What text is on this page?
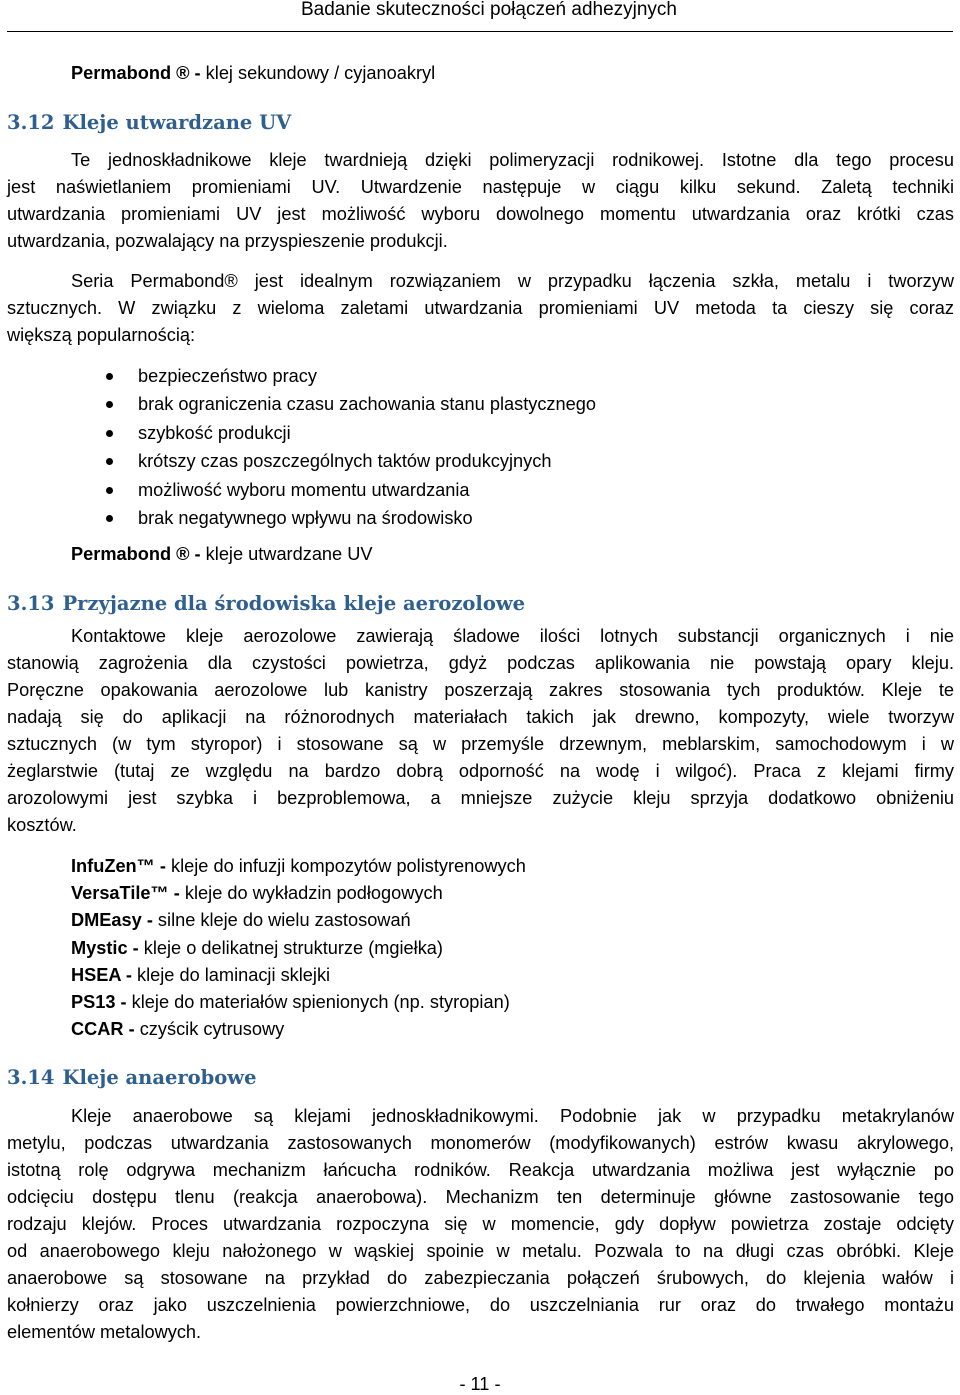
Badanie skuteczności połączeń adhezyjnych
Permabond ® - klej sekundowy / cyjanoakryl
3.12 Kleje utwardzane UV
Te jednoskładnikowe kleje twardnieją dzięki polimeryzacji rodnikowej. Istotne dla tego procesu
jest naświetlaniem promieniami UV. Utwardzenie następuje w ciągu kilku sekund. Zaletą techniki
utwardzania promieniami UV jest możliwość wyboru dowolnego momentu utwardzania oraz krótki czas
utwardzania, pozwalający na przyspieszenie produkcji.
Seria Permabond® jest idealnym rozwiązaniem w przypadku łączenia szkła, metalu i tworzyw
sztucznych. W związku z wieloma zaletami utwardzania promieniami UV metoda ta cieszy się coraz
większą popularnością:
bezpieczeństwo pracy
brak ograniczenia czasu zachowania stanu plastycznego
szybkość produkcji
krótszy czas poszczególnych taktów produkcyjnych
możliwość wyboru momentu utwardzania
brak negatywnego wpływu na środowisko
Permabond ® - kleje utwardzane UV
3.13 Przyjazne dla środowiska kleje aerozolowe
Kontaktowe kleje aerozolowe zawierają śladowe ilości lotnych substancji organicznych i nie
stanowią zagrożenia dla czystości powietrza, gdyż podczas aplikowania nie powstają opary kleju.
Poręczne opakowania aerozolowe lub kanistry poszerzają zakres stosowania tych produktów. Kleje te
nadają się do aplikacji na różnorodnych materiałach takich jak drewno, kompozyty, wiele tworzyw
sztucznych (w tym styropor) i stosowane są w przemyśle drzewnym, meblarskim, samochodowym i w
żeglarstwie (tutaj ze względu na bardzo dobrą odporność na wodę i wilgoć). Praca z klejami firmy
arozolowymi jest szybka i bezproblemowa, a mniejsze zużycie kleju sprzyja dodatkowo obniżeniu
kosztów.
InfuZen™ - kleje do infuzji kompozytów polistyrenowych
VersaTile™ - kleje do wykładzin podłogowych
DMEasy - silne kleje do wielu zastosowań
Mystic - kleje o delikatnej strukturze (mgiełka)
HSEA - kleje do laminacji sklejki
PS13 - kleje do materiałów spienionych (np. styropian)
CCAR - czyścik cytrusowy
3.14 Kleje anaerobowe
Kleje anaerobowe są klejami jednoskładnikowymi. Podobnie jak w przypadku metakrylanów
metylu, podczas utwardzania zastosowanych monomerów (modyfikowanych) estrów kwasu akrylowego,
istotną rolę odgrywa mechanizm łańcucha rodników. Reakcja utwardzania możliwa jest wyłącznie po
odcięciu dostępu tlenu (reakcja anaerobowa). Mechanizm ten determinuje główne zastosowanie tego
rodzaju klejów. Proces utwardzania rozpoczyna się w momencie, gdy dopływ powietrza zostaje odcięty
od anaerobowego kleju nałożonego w wąskiej spoinie w metalu. Pozwala to na długi czas obróbki. Kleje
anaerobowe są stosowane na przykład do zabezpieczania połączeń śrubowych, do klejenia wałów i
kołnierzy oraz jako uszczelnienia powierzchniowe, do uszczelniania rur oraz do trwałego montażu
elementów metalowych.
- 11 -
